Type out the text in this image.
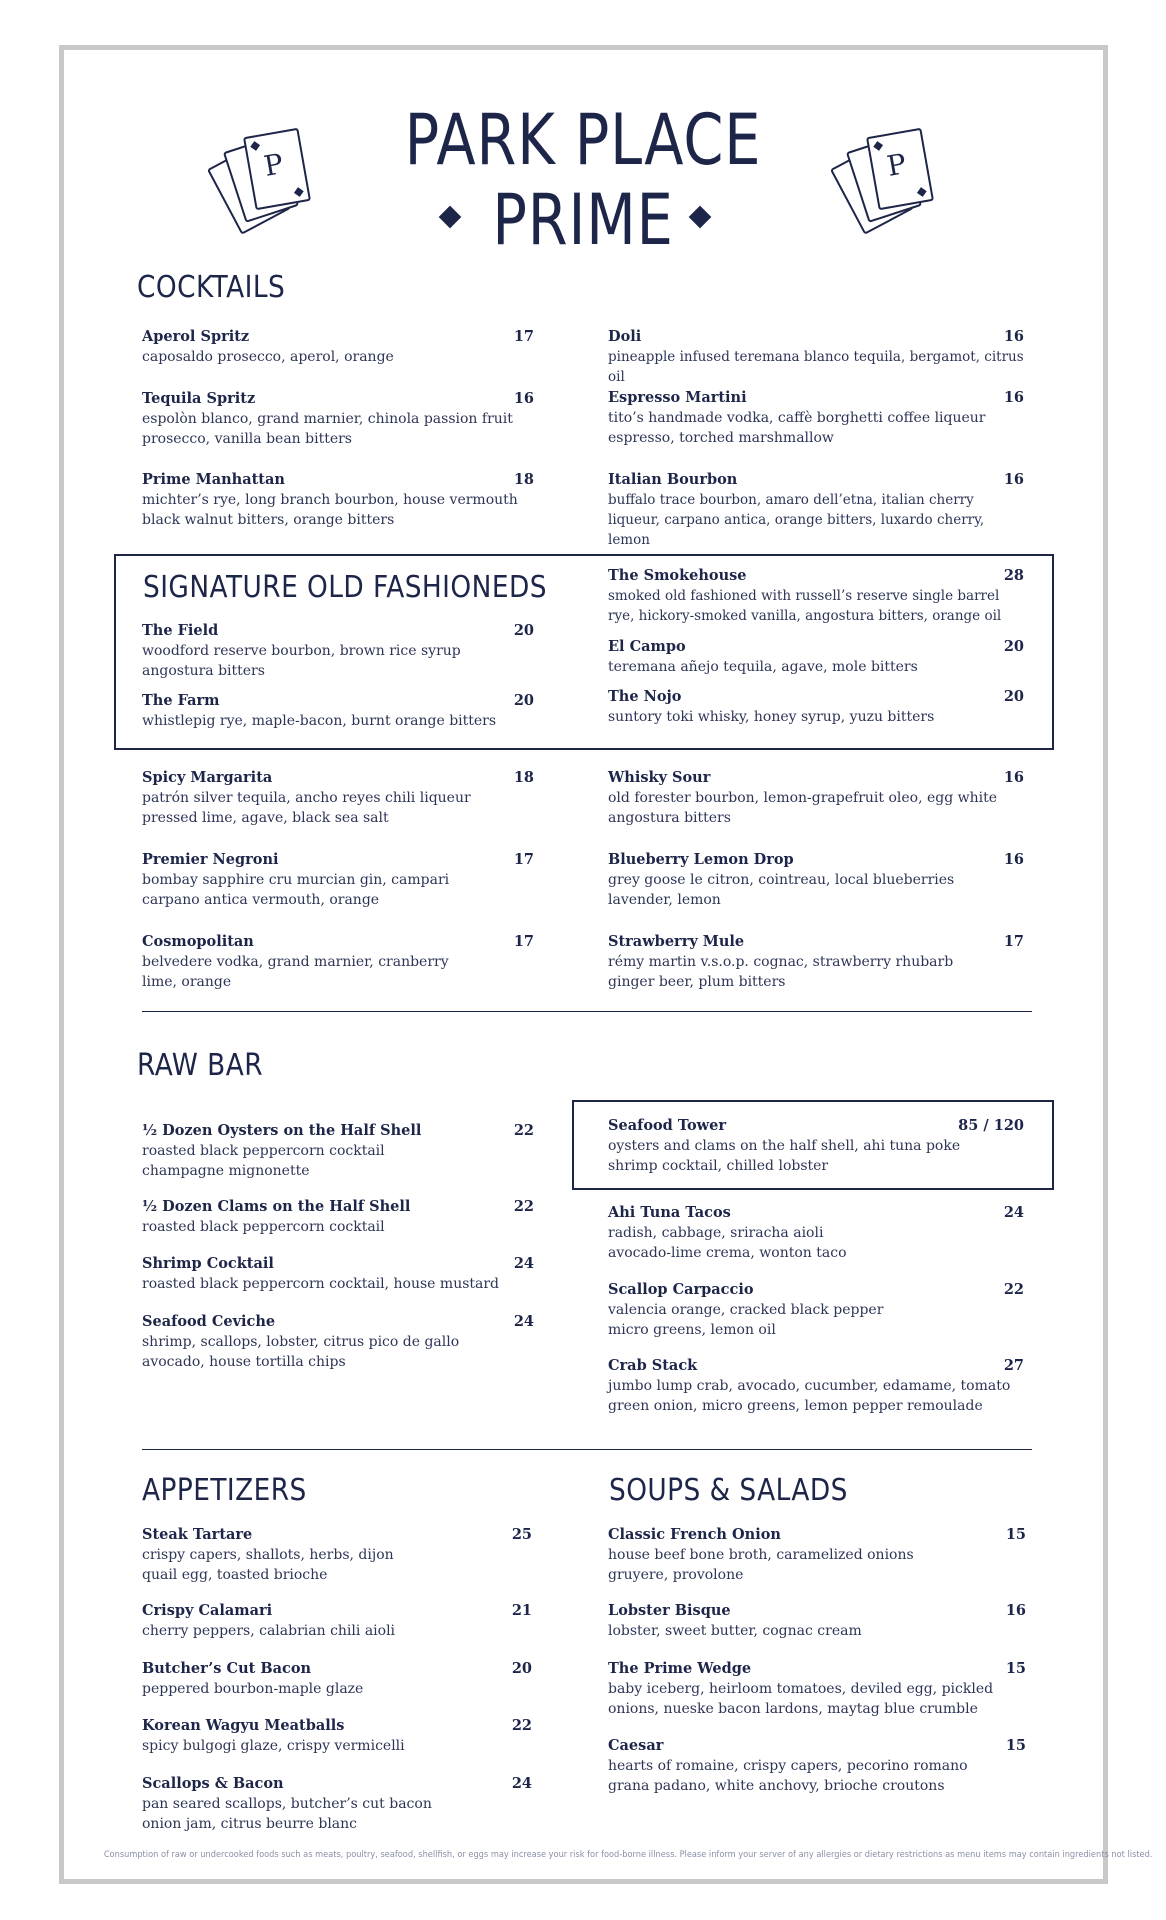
PARK PLACE
PRIME
P	P
COCKTAILS
SIGNATURE OLD FASHIONEDS
RAW BAR
APPETIZERS	SOUPS & SALADS
Aperol Spritz	17
caposaldo prosecco, aperol, orange
Tequila Spritz	16
espolòn blanco, grand marnier, chinola passion fruit
prosecco, vanilla bean bitters
Prime Manhattan	18
michter’s rye, long branch bourbon, house vermouth
black walnut bitters, orange bitters
Doli	16
pineapple infused teremana blanco tequila, bergamot, citrus oil
Espresso Martini	16
tito’s handmade vodka, caffè borghetti coffee liqueur
espresso, torched marshmallow
Italian Bourbon	16
buffalo trace bourbon, amaro dell’etna, italian cherry
liqueur, carpano antica, orange bitters, luxardo cherry, lemon
The Field	20
woodford reserve bourbon, brown rice syrup
angostura bitters
The Farm	20
whistlepig rye, maple-bacon, burnt orange bitters
The Smokehouse	28
smoked old fashioned with russell’s reserve single barrel
rye, hickory-smoked vanilla, angostura bitters, orange oil
El Campo	20
teremana añejo tequila, agave, mole bitters
The Nojo	20
suntory toki whisky, honey syrup, yuzu bitters
Spicy Margarita	18
patrón silver tequila, ancho reyes chili liqueur
pressed lime, agave, black sea salt
Premier Negroni	17
bombay sapphire cru murcian gin, campari
carpano antica vermouth, orange
Cosmopolitan	17
belvedere vodka, grand marnier, cranberry
lime, orange
Whisky Sour	16
old forester bourbon, lemon-grapefruit oleo, egg white
angostura bitters
Blueberry Lemon Drop	16
grey goose le citron, cointreau, local blueberries
lavender, lemon
Strawberry Mule	17
rémy martin v.s.o.p. cognac, strawberry rhubarb
ginger beer, plum bitters
½ Dozen Oysters on the Half Shell	22
roasted black peppercorn cocktail
champagne mignonette
½ Dozen Clams on the Half Shell	22
roasted black peppercorn cocktail
Shrimp Cocktail	24
roasted black peppercorn cocktail, house mustard
Seafood Ceviche	24
shrimp, scallops, lobster, citrus pico de gallo
avocado, house tortilla chips
Seafood Tower	85 / 120
oysters and clams on the half shell, ahi tuna poke
shrimp cocktail, chilled lobster
Ahi Tuna Tacos	24
radish, cabbage, sriracha aioli
avocado-lime crema, wonton taco
Scallop Carpaccio	22
valencia orange, cracked black pepper
micro greens, lemon oil
Crab Stack	27
jumbo lump crab, avocado, cucumber, edamame, tomato
green onion, micro greens, lemon pepper remoulade
Steak Tartare	25
crispy capers, shallots, herbs, dijon
quail egg, toasted brioche
Crispy Calamari	21
cherry peppers, calabrian chili aioli
Butcher’s Cut Bacon	20
peppered bourbon-maple glaze
Korean Wagyu Meatballs	22
spicy bulgogi glaze, crispy vermicelli
Scallops & Bacon	24
pan seared scallops, butcher’s cut bacon
onion jam, citrus beurre blanc
Classic French Onion	15
house beef bone broth, caramelized onions
gruyere, provolone
Lobster Bisque	16
lobster, sweet butter, cognac cream
The Prime Wedge	15
baby iceberg, heirloom tomatoes, deviled egg, pickled
onions, nueske bacon lardons, maytag blue crumble
Caesar	15
hearts of romaine, crispy capers, pecorino romano
grana padano, white anchovy, brioche croutons
Consumption of raw or undercooked foods such as meats, poultry, seafood, shellfish, or eggs may increase your risk for food-borne illness. Please inform your server of any allergies or dietary restrictions as menu items may contain ingredients not listed.
